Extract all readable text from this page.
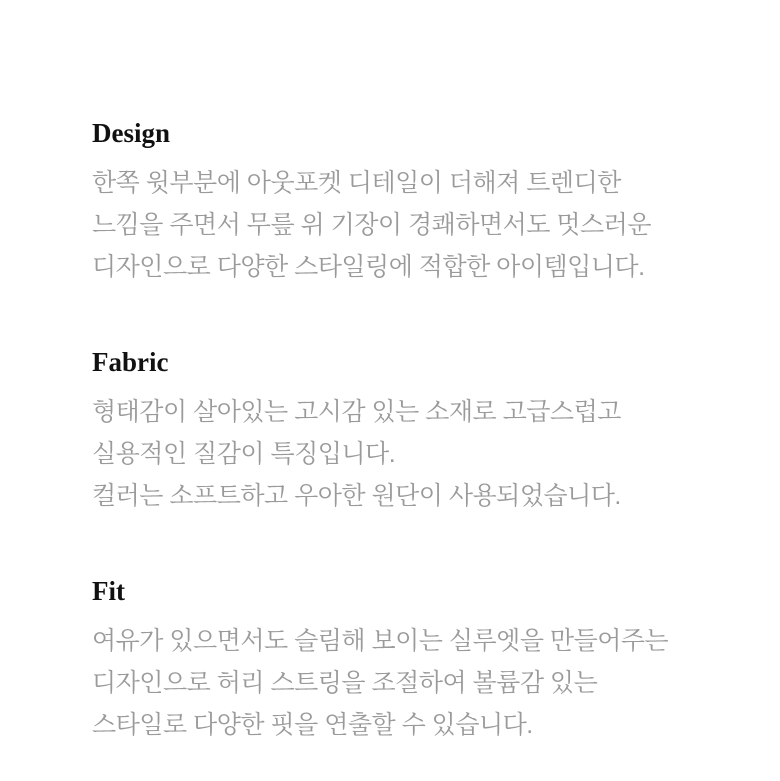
Design
한쪽 윗부분에 아웃포켓 디테일이 더해져 트렌디한
느낌을 주면서 무릎 위 기장이 경쾌하면서도 멋스러운
디자인으로 다양한 스타일링에 적합한 아이템입니다.
Fabric
형태감이 살아있는 고시감 있는 소재로 고급스럽고
실용적인 질감이 특징입니다.
컬러는 소프트하고 우아한 원단이 사용되었습니다.
Fit
여유가 있으면서도 슬림해 보이는 실루엣을 만들어주는
디자인으로 허리 스트링을 조절하여 볼륨감 있는
스타일로 다양한 핏을 연출할 수 있습니다.
